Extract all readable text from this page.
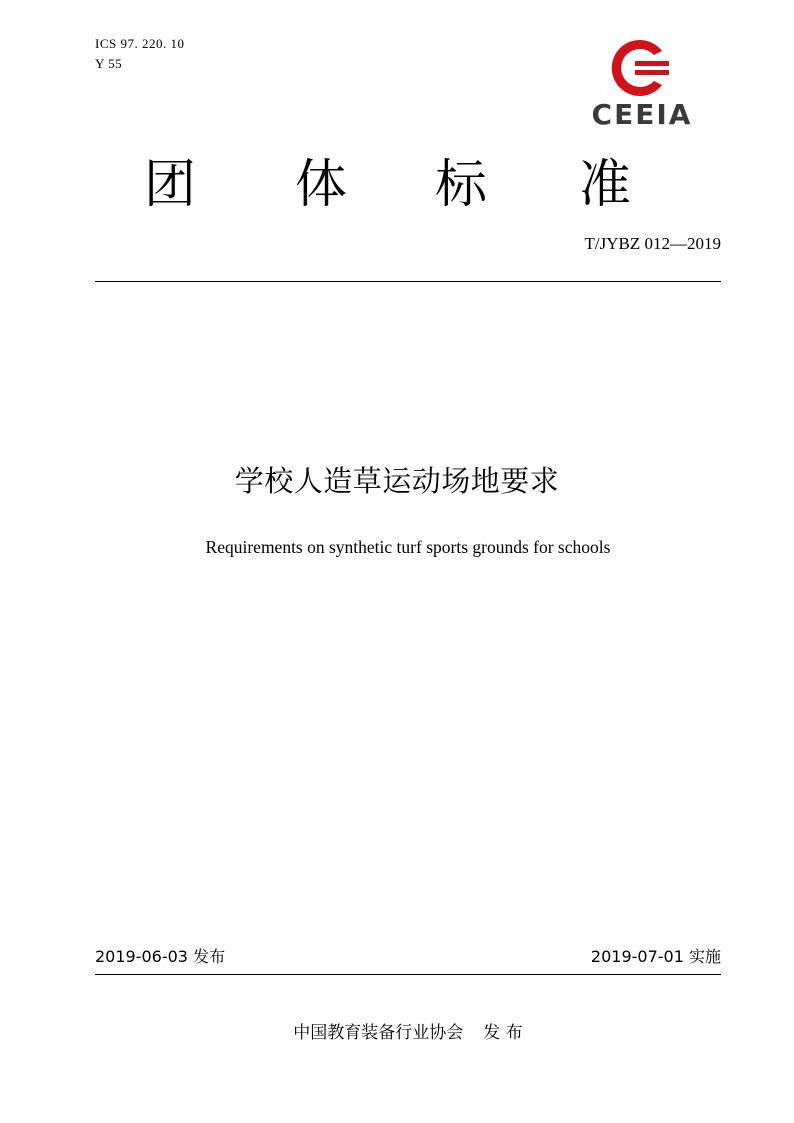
ICS 97. 220. 10
Y 55
CEEIA
团 体 标 准
T/JYBZ 012—2019
学校人造草运动场地要求
Requirements on synthetic turf sports grounds for schools
2019-06-03 发布	2019-07-01 实施
中国教育装备行业协会 发 布
